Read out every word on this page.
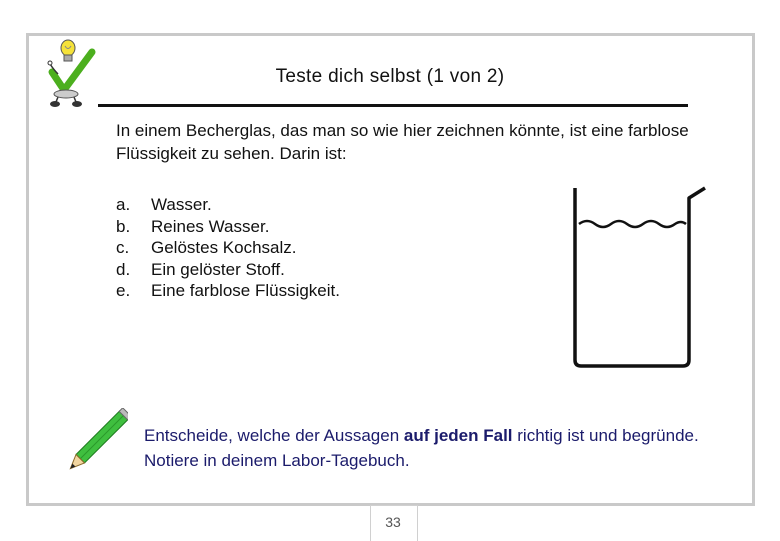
Teste dich selbst (1 von 2)
In einem Becherglas, das man so wie hier zeichnen könnte, ist eine farblose Flüssigkeit zu sehen. Darin ist:
a.	Wasser.
b.	Reines Wasser.
c.	Gelöstes Kochsalz.
d.	Ein gelöster Stoff.
e.	Eine farblose Flüssigkeit.
Entscheide, welche der Aussagen auf jeden Fall richtig ist und begründe. Notiere in deinem Labor-Tagebuch.
33
